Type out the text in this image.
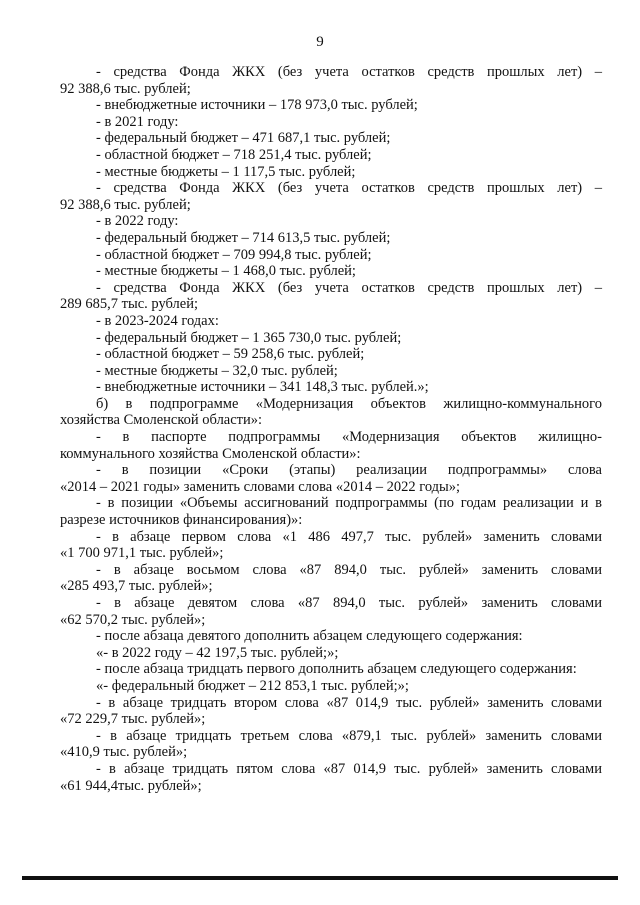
9
- средства Фонда ЖКХ (без учета остатков средств прошлых лет) –
92 388,6 тыс. рублей;
- внебюджетные источники – 178 973,0 тыс. рублей;
- в 2021 году:
- федеральный бюджет – 471 687,1 тыс. рублей;
- областной бюджет – 718 251,4 тыс. рублей;
- местные бюджеты – 1 117,5 тыс. рублей;
- средства Фонда ЖКХ (без учета остатков средств прошлых лет) –
92 388,6 тыс. рублей;
- в 2022 году:
- федеральный бюджет – 714 613,5 тыс. рублей;
- областной бюджет – 709 994,8 тыс. рублей;
- местные бюджеты – 1 468,0 тыс. рублей;
- средства Фонда ЖКХ (без учета остатков средств прошлых лет) –
289 685,7 тыс. рублей;
- в 2023-2024 годах:
- федеральный бюджет – 1 365 730,0 тыс. рублей;
- областной бюджет – 59 258,6 тыс. рублей;
- местные бюджеты – 32,0 тыс. рублей;
- внебюджетные источники – 341 148,3 тыс. рублей.»;
б) в подпрограмме «Модернизация объектов жилищно-коммунального
хозяйства Смоленской области»:
- в паспорте подпрограммы «Модернизация объектов жилищно-
коммунального хозяйства Смоленской области»:
- в позиции «Сроки (этапы) реализации подпрограммы» слова
«2014 – 2021 годы» заменить словами слова «2014 – 2022 годы»;
- в позиции «Объемы ассигнований подпрограммы (по годам реализации и в
разрезе источников финансирования)»:
- в абзаце первом слова «1 486 497,7 тыс. рублей» заменить словами
«1 700 971,1 тыс. рублей»;
- в абзаце восьмом слова «87 894,0 тыс. рублей» заменить словами
«285 493,7 тыс. рублей»;
- в абзаце девятом слова «87 894,0 тыс. рублей» заменить словами
«62 570,2 тыс. рублей»;
- после абзаца девятого дополнить абзацем следующего содержания:
«- в 2022 году – 42 197,5 тыс. рублей;»;
- после абзаца тридцать первого дополнить абзацем следующего содержания:
«- федеральный бюджет – 212 853,1 тыс. рублей;»;
- в абзаце тридцать втором слова «87 014,9 тыс. рублей» заменить словами
«72 229,7 тыс. рублей»;
- в абзаце тридцать третьем слова «879,1 тыс. рублей» заменить словами
«410,9 тыс. рублей»;
- в абзаце тридцать пятом слова «87 014,9 тыс. рублей» заменить словами
«61 944,4тыс. рублей»;
